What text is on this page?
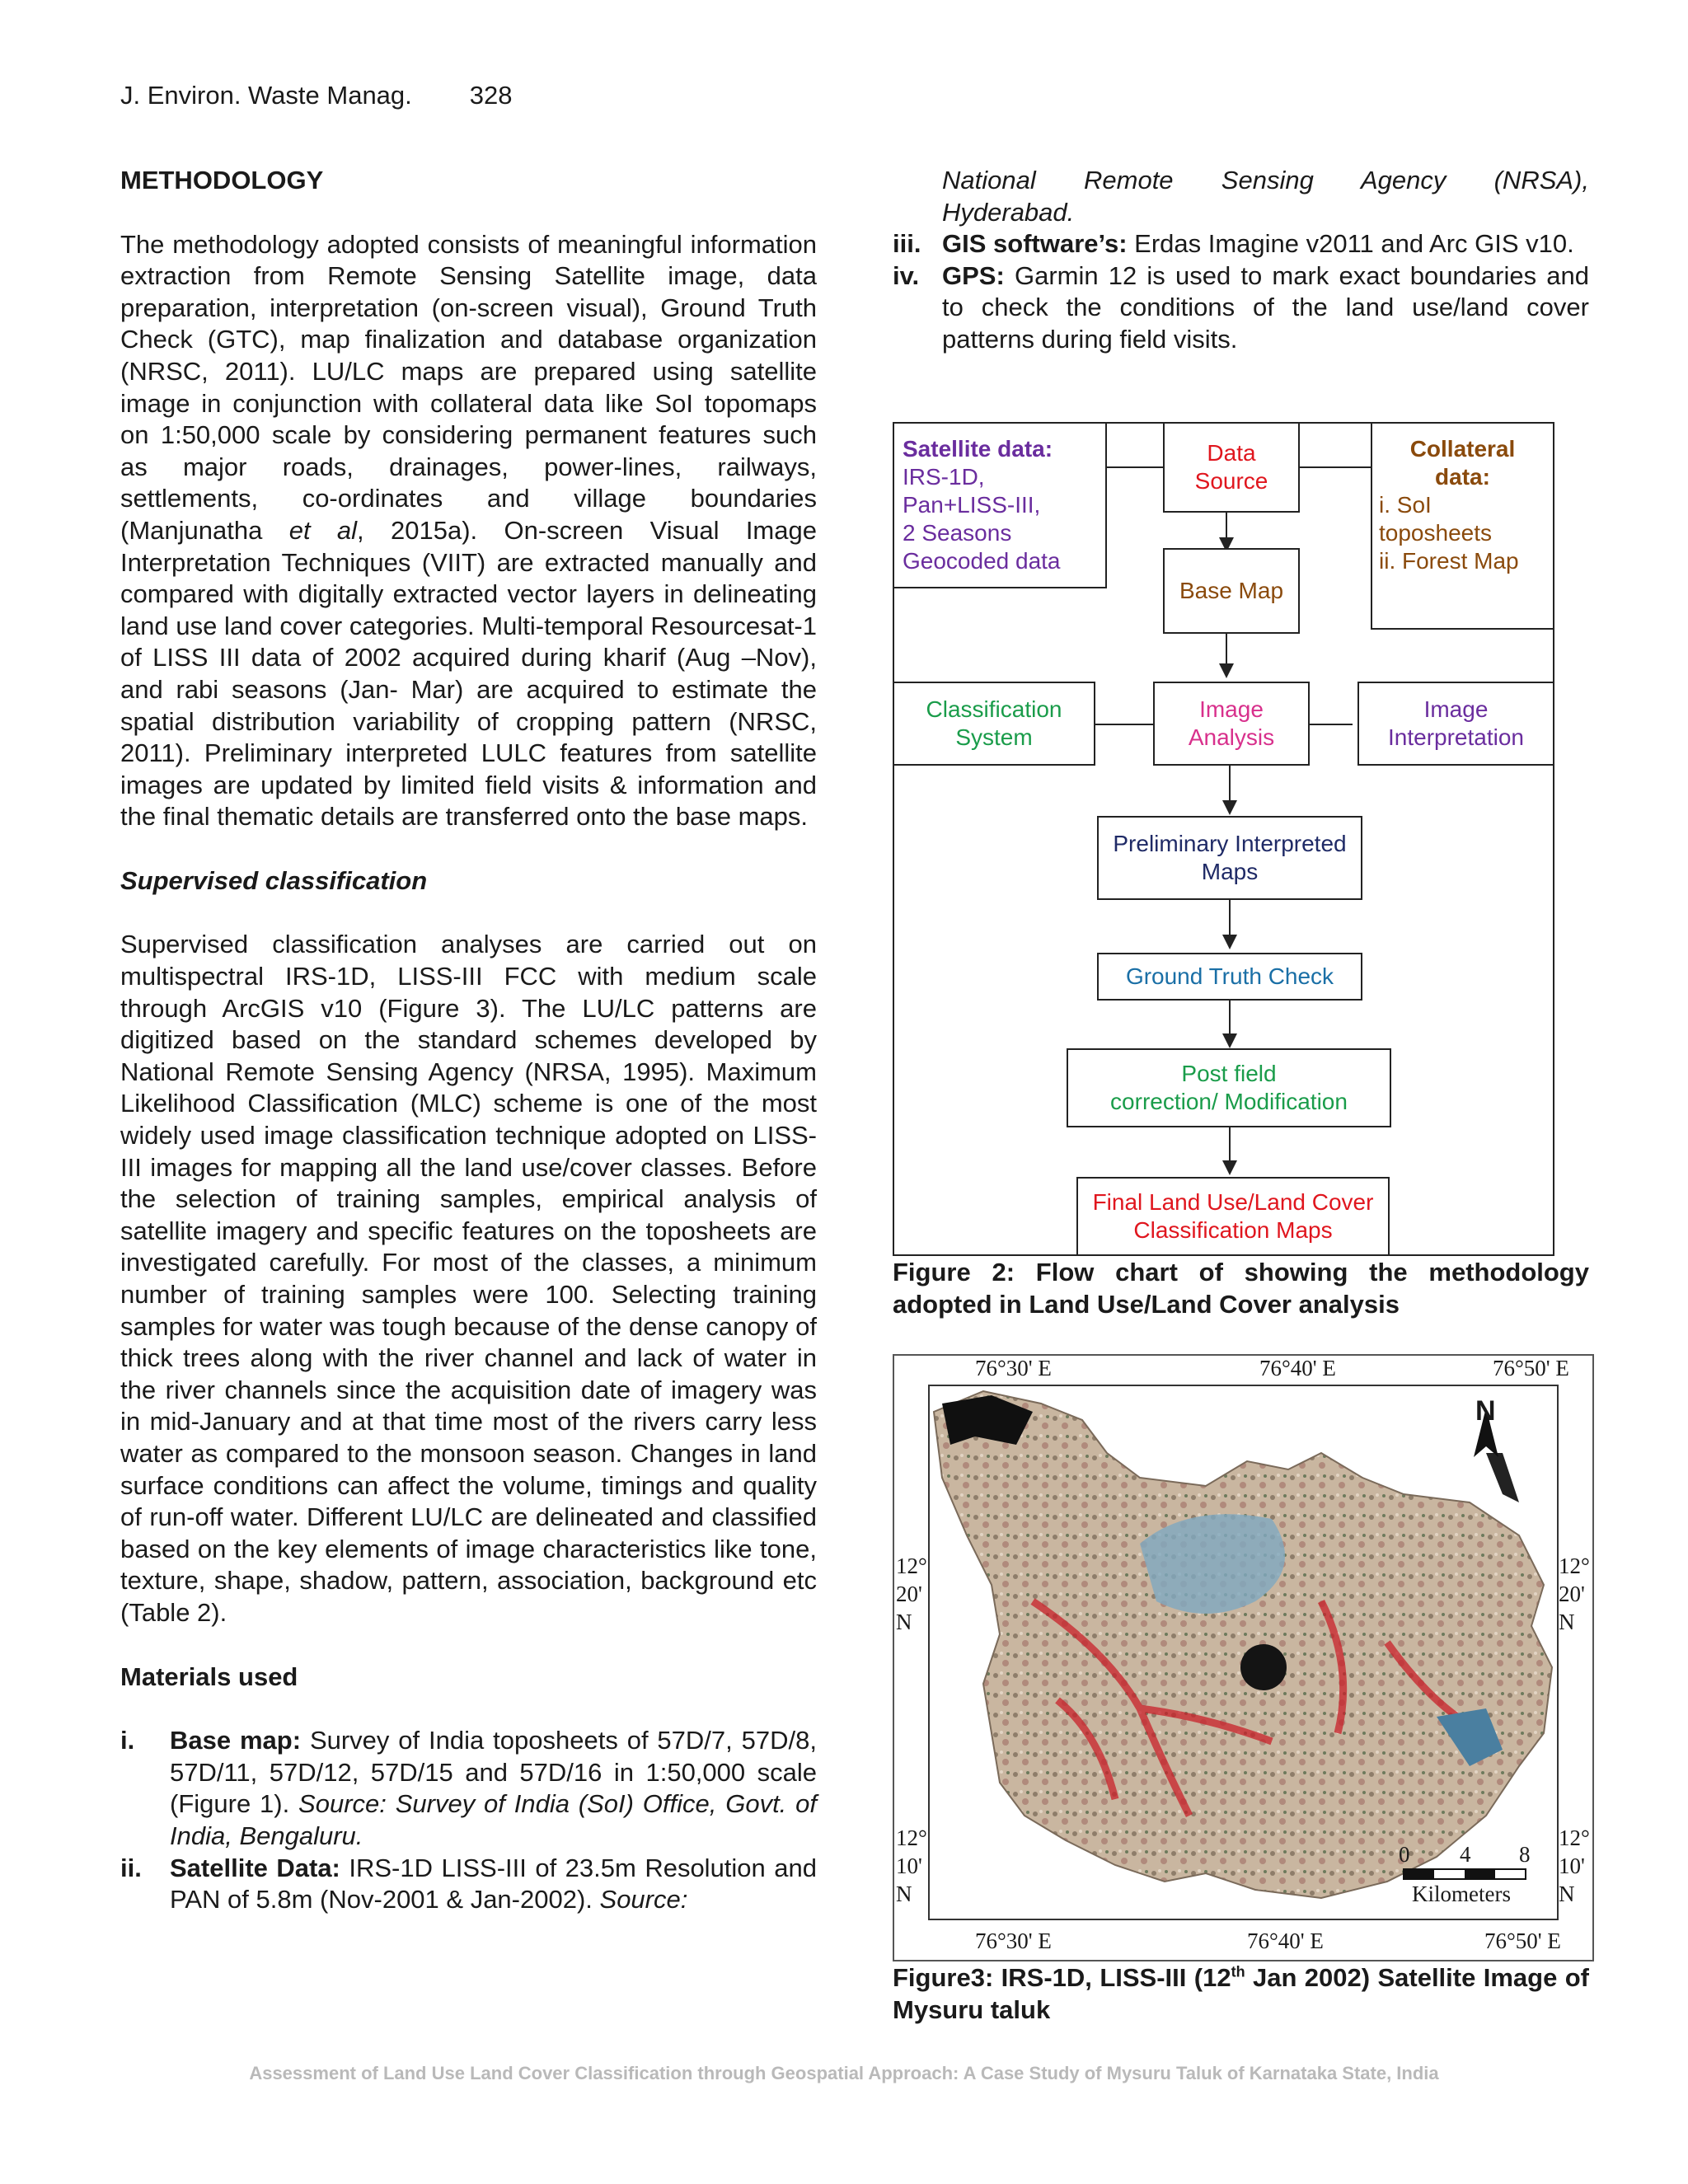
J. Environ. Waste Manag. 328
METHODOLOGY

The methodology adopted consists of meaningful information extraction from Remote Sensing Satellite image, data preparation, interpretation (on-screen visual), Ground Truth Check (GTC), map finalization and database organization (NRSC, 2011). LU/LC maps are prepared using satellite image in conjunction with collateral data like SoI topomaps on 1:50,000 scale by considering permanent features such as major roads, drainages, power-lines, railways, settlements, co-ordinates and village boundaries (Manjunatha et al, 2015a). On-screen Visual Image Interpretation Techniques (VIIT) are extracted manually and compared with digitally extracted vector layers in delineating land use land cover categories. Multi-temporal Resourcesat-1 of LISS III data of 2002 acquired during kharif (Aug –Nov), and rabi seasons (Jan- Mar) are acquired to estimate the spatial distribution variability of cropping pattern (NRSC, 2011). Preliminary interpreted LULC features from satellite images are updated by limited field visits & information and the final thematic details are transferred onto the base maps.

Supervised classification

Supervised classification analyses are carried out on multispectral IRS-1D, LISS-III FCC with medium scale through ArcGIS v10 (Figure 3). The LU/LC patterns are digitized based on the standard schemes developed by National Remote Sensing Agency (NRSA, 1995). Maximum Likelihood Classification (MLC) scheme is one of the most widely used image classification technique adopted on LISS-III images for mapping all the land use/cover classes. Before the selection of training samples, empirical analysis of satellite imagery and specific features on the toposheets are investigated carefully. For most of the classes, a minimum number of training samples were 100. Selecting training samples for water was tough because of the dense canopy of thick trees along with the river channel and lack of water in the river channels since the acquisition date of imagery was in mid-January and at that time most of the rivers carry less water as compared to the monsoon season. Changes in land surface conditions can affect the volume, timings and quality of run-off water. Different LU/LC are delineated and classified based on the key elements of image characteristics like tone, texture, shape, shadow, pattern, association, background etc (Table 2).

Materials used
i. Base map: Survey of India toposheets of 57D/7, 57D/8, 57D/11, 57D/12, 57D/15 and 57D/16 in 1:50,000 scale (Figure 1). Source: Survey of India (SoI) Office, Govt. of India, Bengaluru.
ii. Satellite Data: IRS-1D LISS-III of 23.5m Resolution and PAN of 5.8m (Nov-2001 & Jan-2002). Source:
National Remote Sensing Agency (NRSA), Hyderabad.
iii. GIS software’s: Erdas Imagine v2011 and Arc GIS v10.
iv. GPS: Garmin 12 is used to mark exact boundaries and to check the conditions of the land use/land cover patterns during field visits.
Satellite data:
IRS-1D,
Pan+LISS-III,
2 Seasons
Geocoded data
Data
Source
Collateral
data:
i. SoI
toposheets
ii. Forest Map
Base Map
Classification
System
Image
Analysis
Image
Interpretation
Preliminary Interpreted
Maps
Ground Truth Check
Post field
correction/ Modification
Final Land Use/Land Cover
Classification Maps
Figure 2: Flow chart of showing the methodology adopted in Land Use/Land Cover analysis
76°30' E	76°40' E	76°50' E
76°30' E	76°40' E	76°50' E
12°
20'
N
12°
10'
N
12°
20'
N
12°
10'
N
N
0 4 8
Kilometers
Figure3: IRS-1D, LISS-III (12th Jan 2002) Satellite Image of Mysuru taluk
Assessment of Land Use Land Cover Classification through Geospatial Approach: A Case Study of Mysuru Taluk of Karnataka State, India
